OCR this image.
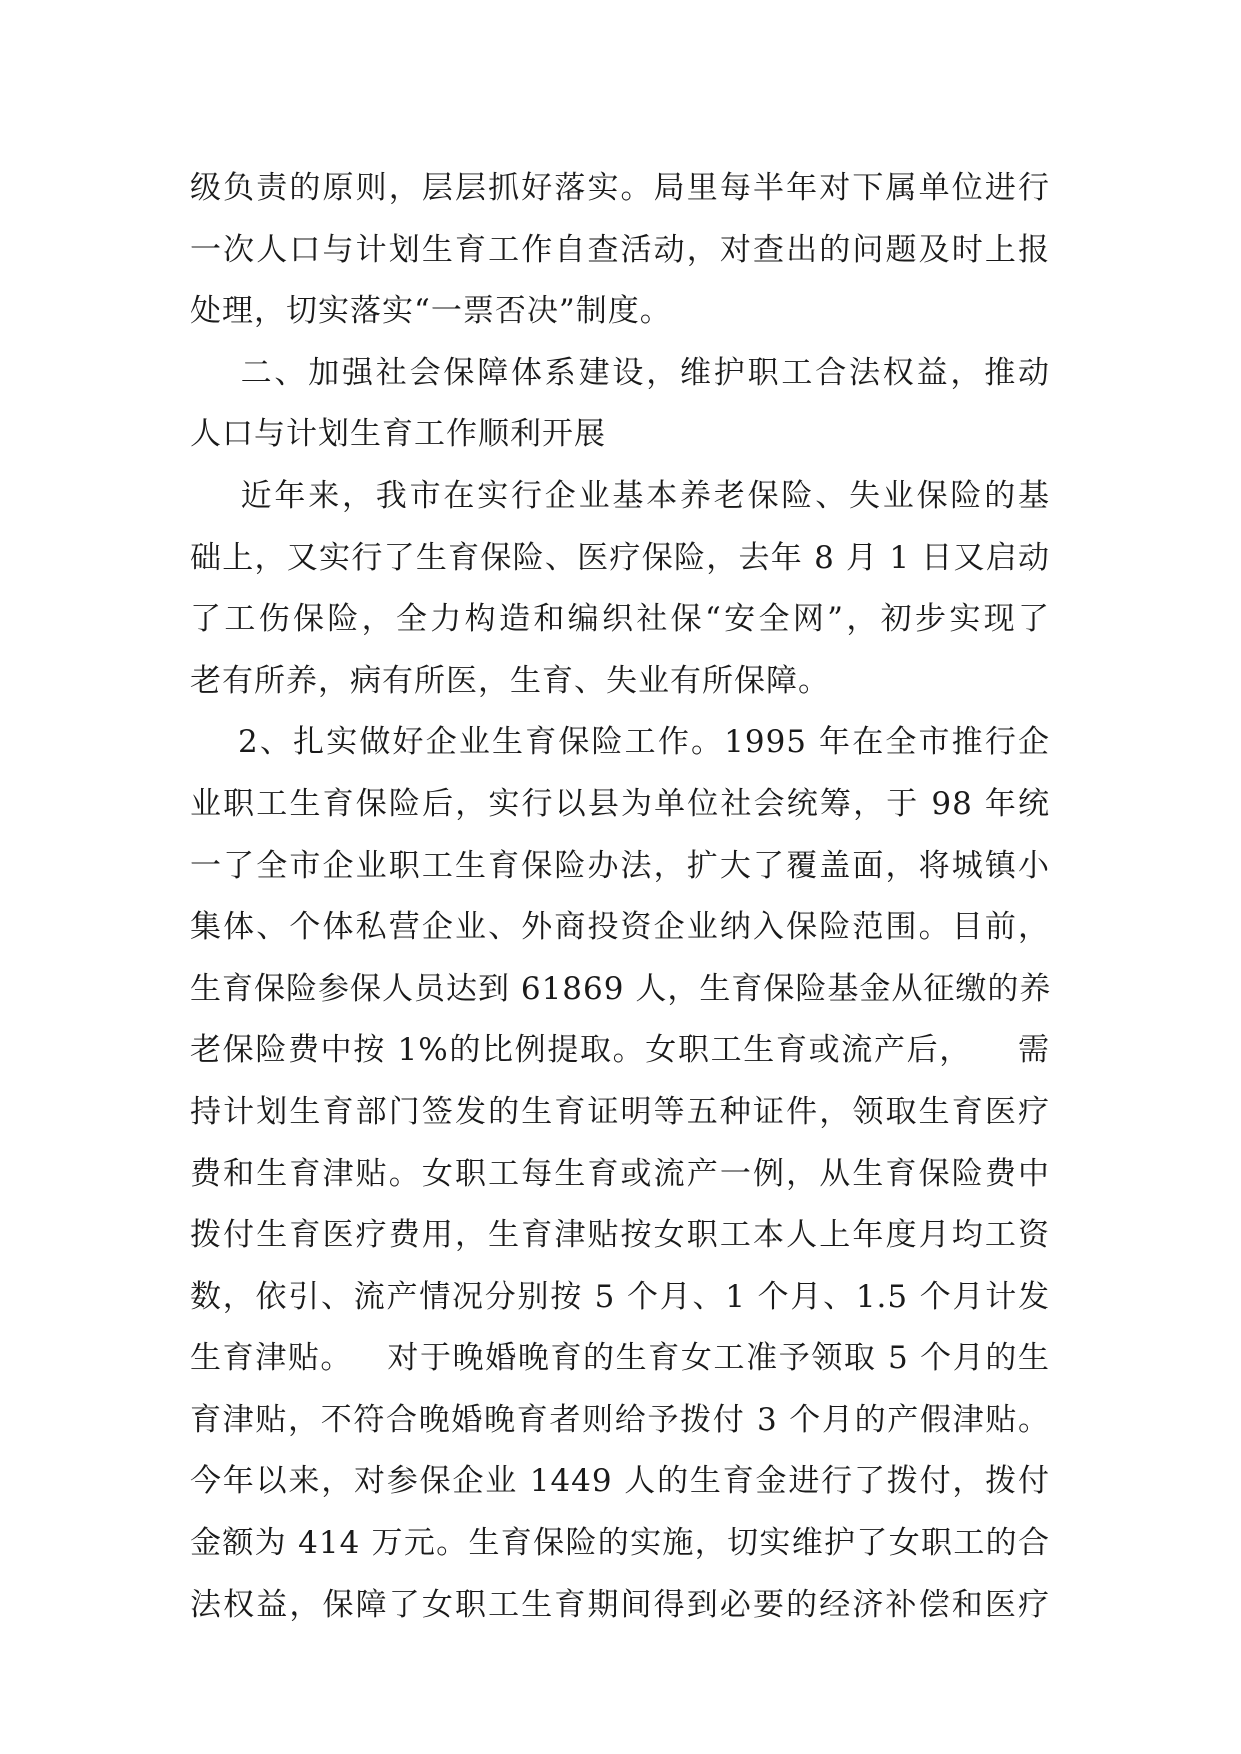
级负责的原则，层层抓好落实。局里每半年对下属单位进行
一次人口与计划生育工作自查活动，对查出的问题及时上报
处理，切实落实“一票否决”制度。
二、加强社会保障体系建设，维护职工合法权益，推动
人口与计划生育工作顺利开展
近年来，我市在实行企业基本养老保险、失业保险的基
础上，又实行了生育保险、医疗保险，去年 8 月 1 日又启动
了工伤保险，全力构造和编织社保“安全网”，初步实现了
老有所养，病有所医，生育、失业有所保障。
2、扎实做好企业生育保险工作。1995 年在全市推行企
业职工生育保险后，实行以县为单位社会统筹，于 98 年统
一了全市企业职工生育保险办法，扩大了覆盖面，将城镇小
集体、个体私营企业、外商投资企业纳入保险范围。目前，
生育保险参保人员达到 61869 人，生育保险基金从征缴的养
老保险费中按 1%的比例提取。女职工生育或流产后，    需
持计划生育部门签发的生育证明等五种证件，领取生育医疗
费和生育津贴。女职工每生育或流产一例，从生育保险费中
拨付生育医疗费用，生育津贴按女职工本人上年度月均工资
数，依引、流产情况分别按 5 个月、1 个月、1.5 个月计发
生育津贴。   对于晚婚晚育的生育女工准予领取 5 个月的生
育津贴，不符合晚婚晚育者则给予拨付 3 个月的产假津贴。
今年以来，对参保企业 1449 人的生育金进行了拨付，拨付
金额为 414 万元。生育保险的实施，切实维护了女职工的合
法权益，保障了女职工生育期间得到必要的经济补偿和医疗
